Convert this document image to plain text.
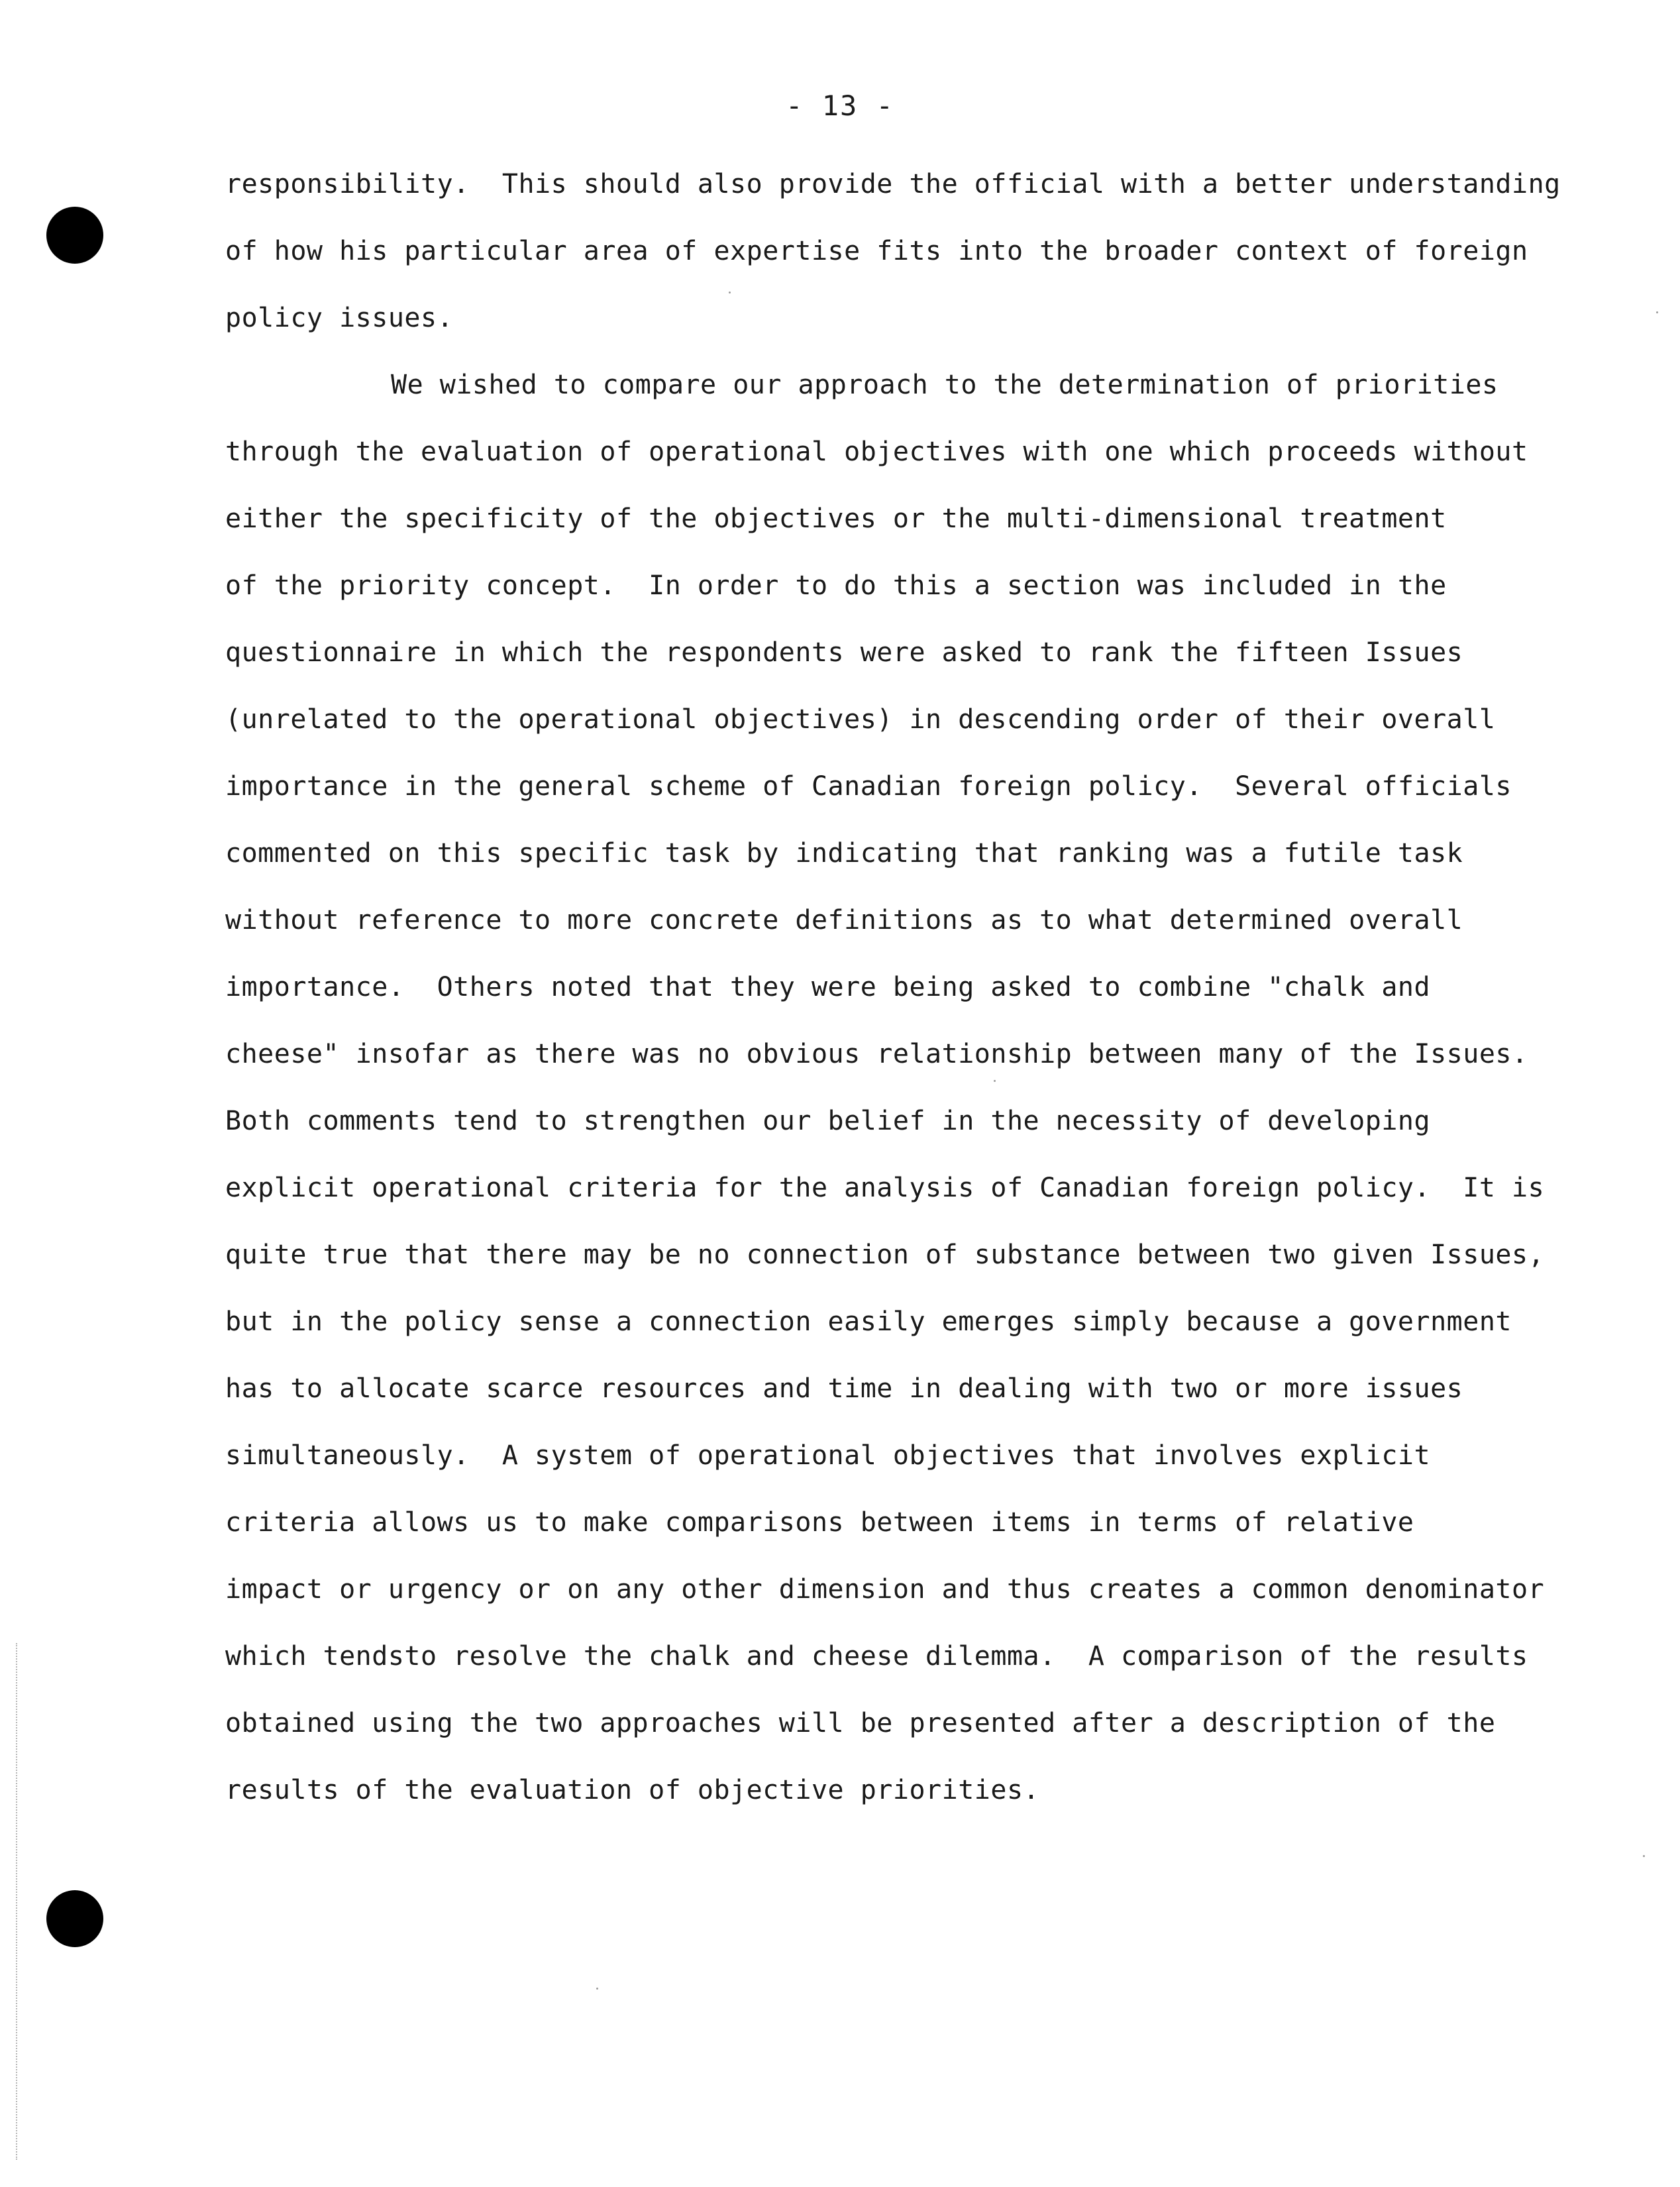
- 13 -
responsibility.  This should also provide the official with a better understanding
of how his particular area of expertise fits into the broader context of foreign
policy issues.
We wished to compare our approach to the determination of priorities
through the evaluation of operational objectives with one which proceeds without
either the specificity of the objectives or the multi-dimensional treatment
of the priority concept.  In order to do this a section was included in the
questionnaire in which the respondents were asked to rank the fifteen Issues
(unrelated to the operational objectives) in descending order of their overall
importance in the general scheme of Canadian foreign policy.  Several officials
commented on this specific task by indicating that ranking was a futile task
without reference to more concrete definitions as to what determined overall
importance.  Others noted that they were being asked to combine "chalk and
cheese" insofar as there was no obvious relationship between many of the Issues.
Both comments tend to strengthen our belief in the necessity of developing
explicit operational criteria for the analysis of Canadian foreign policy.  It is
quite true that there may be no connection of substance between two given Issues,
but in the policy sense a connection easily emerges simply because a government
has to allocate scarce resources and time in dealing with two or more issues
simultaneously.  A system of operational objectives that involves explicit
criteria allows us to make comparisons between items in terms of relative
impact or urgency or on any other dimension and thus creates a common denominator
which tendsto resolve the chalk and cheese dilemma.  A comparison of the results
obtained using the two approaches will be presented after a description of the
results of the evaluation of objective priorities.
